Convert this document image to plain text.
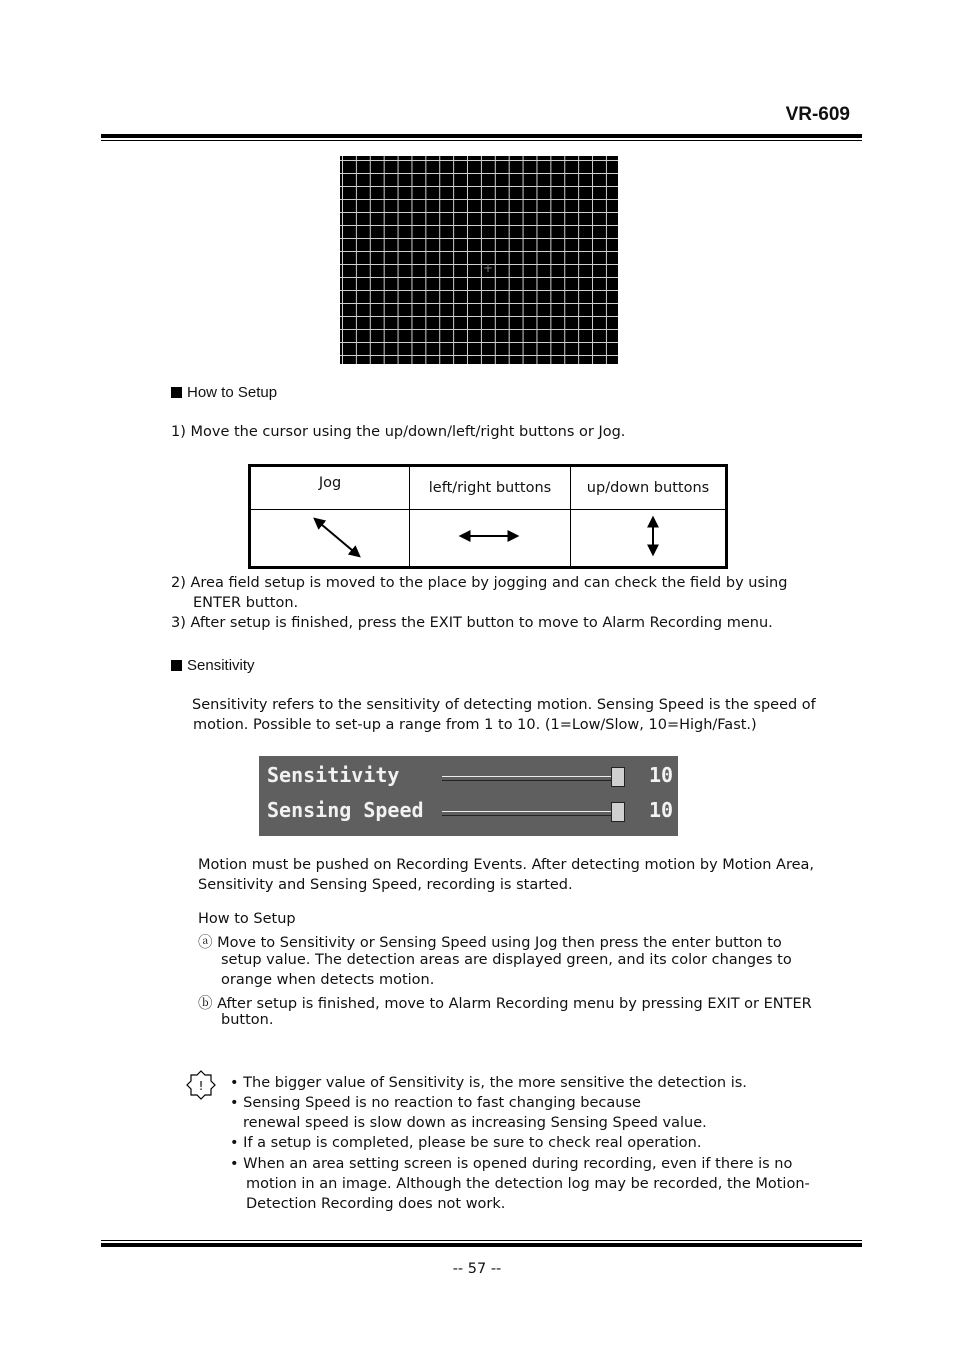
VR-609
+
How to Setup
1) Move the cursor using the up/down/left/right buttons or Jog.
Jog	left/right buttons	up/down buttons

2) Area field setup is moved to the place by jogging and can check the field by using
ENTER button.
3) After setup is finished, press the EXIT button to move to Alarm Recording menu.
Sensitivity
Sensitivity refers to the sensitivity of detecting motion. Sensing Speed is the speed of
motion. Possible to set-up a range from 1 to 10. (1=Low/Slow, 10=High/Fast.)
Sensitivity	10
Sensing Speed	10
Motion must be pushed on Recording Events. After detecting motion by Motion Area,
Sensitivity and Sensing Speed, recording is started.
How to Setup
ⓐ Move to Sensitivity or Sensing Speed using Jog then press the enter button to
setup value. The detection areas are displayed green, and its color changes to
orange when detects motion.
ⓑ After setup is finished, move to Alarm Recording menu by pressing EXIT or ENTER
button.
! • The bigger value of Sensitivity is, the more sensitive the detection is.
• Sensing Speed is no reaction to fast changing because
renewal speed is slow down as increasing Sensing Speed value.
• If a setup is completed, please be sure to check real operation.
• When an area setting screen is opened during recording, even if there is no
motion in an image. Although the detection log may be recorded, the Motion-
Detection Recording does not work.
-- 57 --
